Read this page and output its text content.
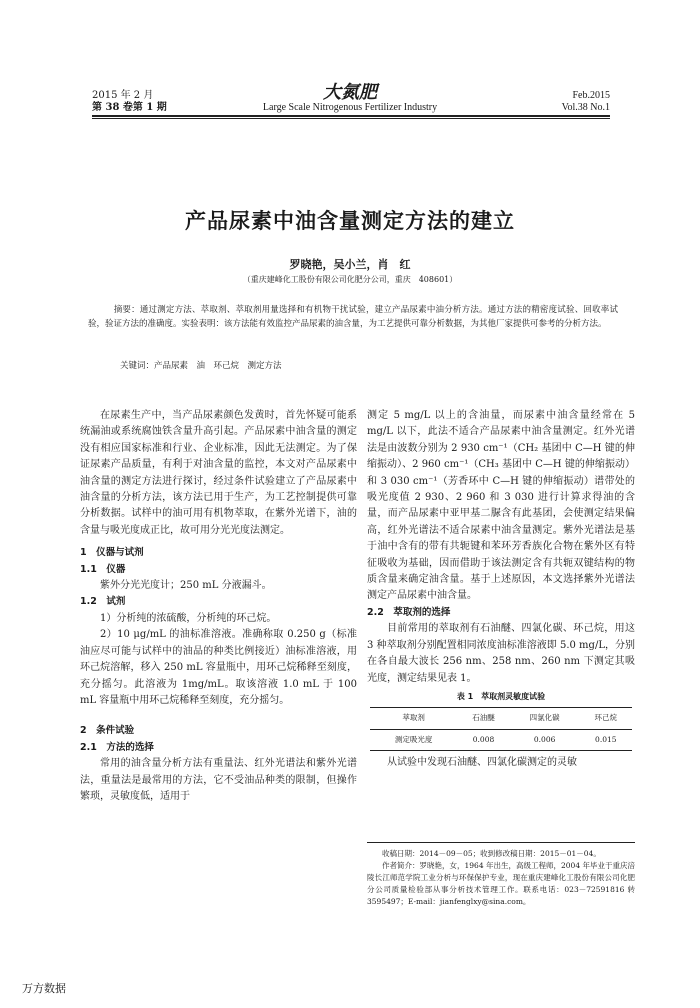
2015 年 2 月
第 38 卷第 1 期
大氮肥
Large Scale Nitrogenous Fertilizer Industry
Feb.2015
Vol.38 No.1
产品尿素中油含量测定方法的建立
罗晓艳，吴小兰，肖　红
（重庆建峰化工股份有限公司化肥分公司，重庆　408601）
摘要：通过测定方法、萃取剂、萃取剂用量选择和有机物干扰试验，建立产品尿素中油分析方法。通过方法的精密度试验、回收率试验，验证方法的准确度。实验表明：该方法能有效监控产品尿素的油含量，为工艺提供可靠分析数据，为其他厂家提供可参考的分析方法。
关键词：产品尿素　油　环己烷　测定方法

在尿素生产中，当产品尿素颜色发黄时，首先怀疑可能系统漏油或系统腐蚀铁含量升高引起。产品尿素中油含量的测定没有相应国家标准和行业、企业标准，因此无法测定。为了保证尿素产品质量，有利于对油含量的监控，本文对产品尿素中油含量的测定方法进行探讨，经过条件试验建立了产品尿素中油含量的分析方法，该方法已用于生产，为工艺控制提供可靠分析数据。试样中的油可用有机物萃取，在紫外光谱下，油的含量与吸光度成正比，故可用分光光度法测定。

1　仪器与试剂

1.1　仪器

紫外分光光度计；250 mL 分液漏斗。

1.2　试剂

1）分析纯的浓硫酸，分析纯的环己烷。

2）10 μg/mL 的油标准溶液。准确称取 0.250 g（标准油应尽可能与试样中的油品的种类比例接近）油标准溶液，用环己烷溶解，移入 250 mL 容量瓶中，用环己烷稀释至刻度，充分摇匀。此溶液为 1mg/mL。取该溶液 1.0 mL 于 100 mL 容量瓶中用环己烷稀释至刻度，充分摇匀。

2　条件试验

2.1　方法的选择

常用的油含量分析方法有重量法、红外光谱法和紫外光谱法，重量法是最常用的方法，它不受油品种类的限制，但操作繁琐，灵敏度低，适用于

测定 5 mg/L 以上的含油量，而尿素中油含量经常在 5 mg/L 以下，此法不适合产品尿素中油含量测定。红外光谱法是由波数分别为 2 930 cm⁻¹（CH₂ 基团中 C—H 键的伸缩振动）、2 960 cm⁻¹（CH₃ 基团中 C—H 键的伸缩振动）和 3 030 cm⁻¹（芳香环中 C—H 键的伸缩振动）谱带处的吸光度值 2 930、2 960 和 3 030 进行计算求得油的含量，而产品尿素中亚甲基二脲含有此基团，会使测定结果偏高，红外光谱法不适合尿素中油含量测定。紫外光谱法是基于油中含有的带有共轭键和苯环芳香族化合物在紫外区有特征吸收为基础，因而借助于该法测定含有共轭双键结构的物质含量来确定油含量。基于上述原因，本文选择紫外光谱法测定产品尿素中油含量。

2.2　萃取剂的选择

目前常用的萃取剂有石油醚、四氯化碳、环己烷，用这 3 种萃取剂分别配置相同浓度油标准溶液即 5.0 mg/L，分别在各自最大波长 256 nm、258 nm、260 nm 下测定其吸光度，测定结果见表 1。

表 1　萃取剂灵敏度试验
萃取剂	石油醚	四氯化碳	环己烷
测定吸光度	0.008	0.006	0.015

从试验中发现石油醚、四氯化碳测定的灵敏

收稿日期：2014－09－05；收到修改稿日期：2015－01－04。

作者简介：罗晓艳，女，1964 年出生，高级工程师，2004 年毕业于重庆涪陵长江师范学院工业分析与环保保护专业，现在重庆建峰化工股份有限公司化肥分公司质量检验部从事分析技术管理工作。联系电话：023－72591816 转 3595497；E-mail：jianfenglxy@sina.com。

万方数据
